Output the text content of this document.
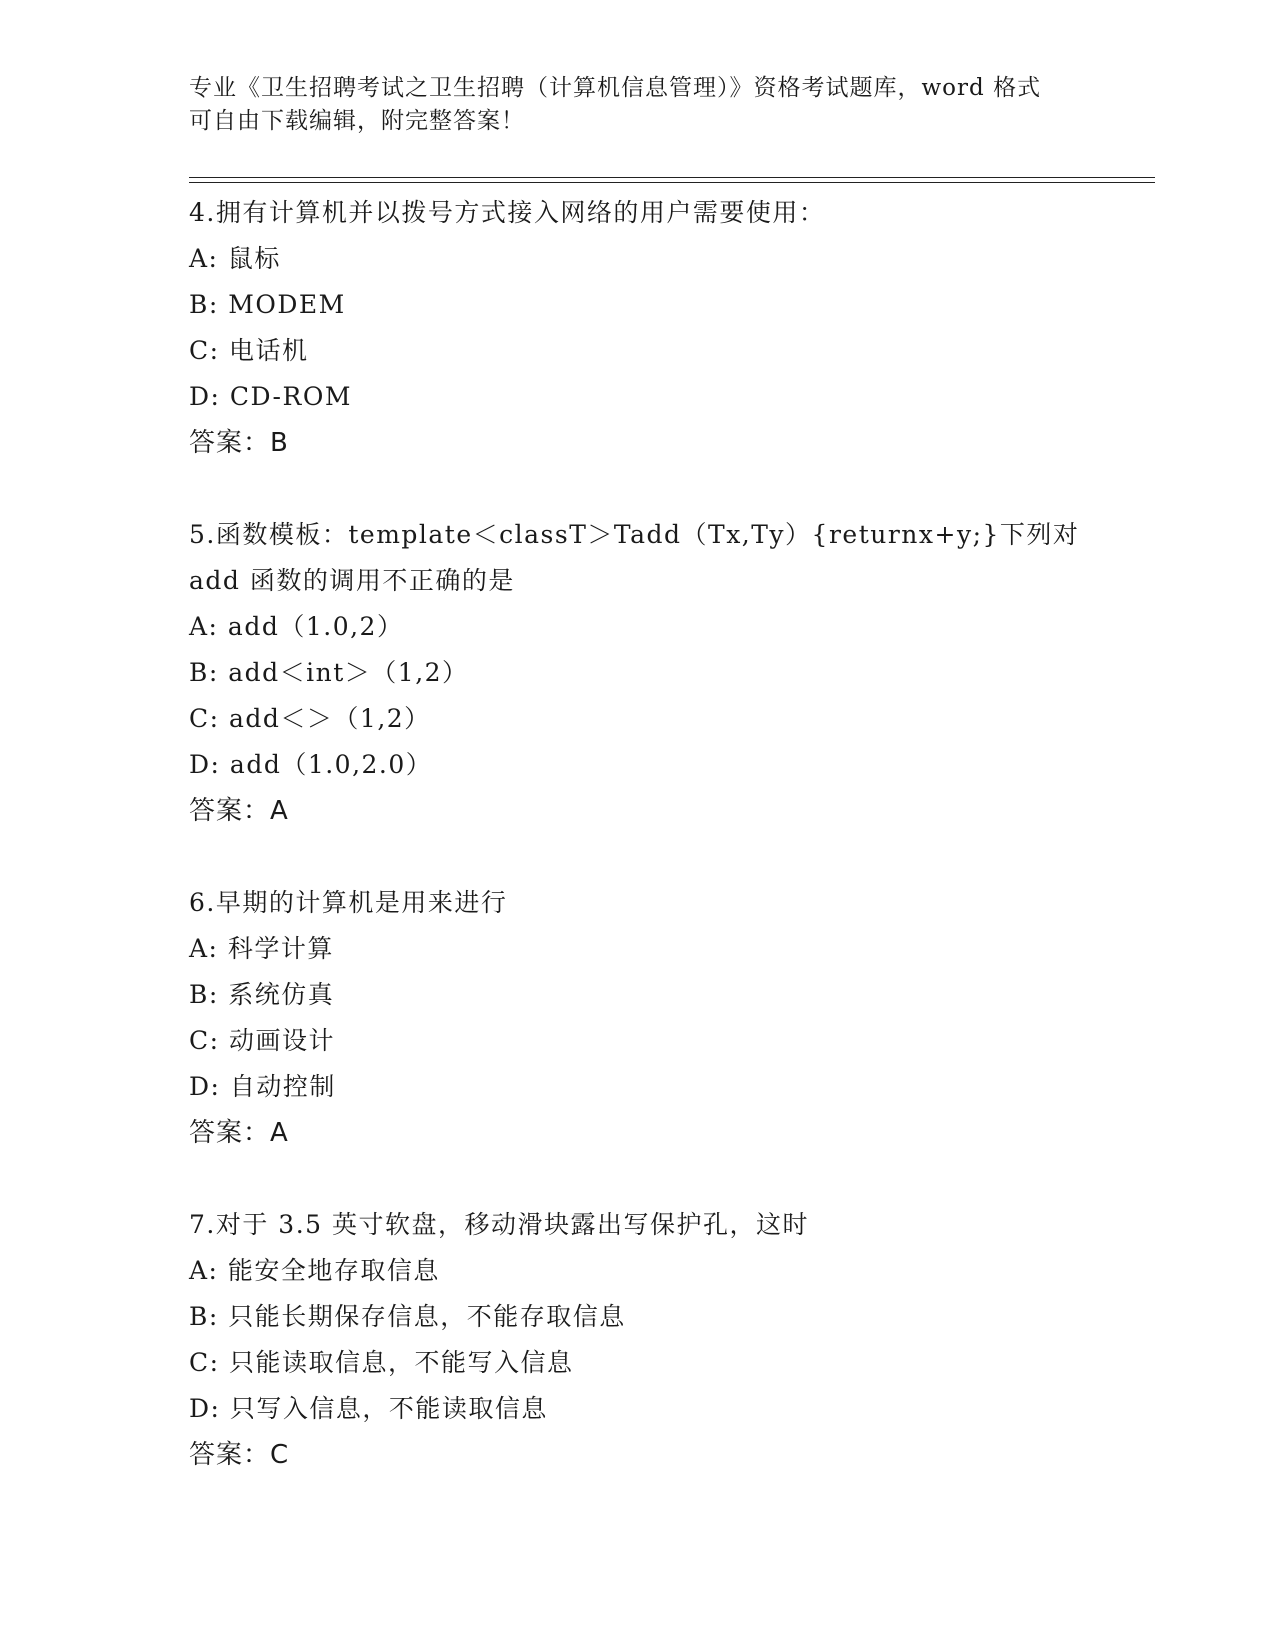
专业《卫生招聘考试之卫生招聘（计算机信息管理）》资格考试题库，word 格式
可自由下载编辑，附完整答案！
4.拥有计算机并以拨号方式接入网络的用户需要使用：
A: 鼠标
B: MODEM
C: 电话机
D: CD-ROM
答案：B
5.函数模板：template＜classT＞Tadd（Tx,Ty）{returnx+y;}下列对
add 函数的调用不正确的是
A: add（1.0,2）
B: add＜int＞（1,2）
C: add＜＞（1,2）
D: add（1.0,2.0）
答案：A
6.早期的计算机是用来进行
A: 科学计算
B: 系统仿真
C: 动画设计
D: 自动控制
答案：A
7.对于 3.5 英寸软盘，移动滑块露出写保护孔，这时
A: 能安全地存取信息
B: 只能长期保存信息，不能存取信息
C: 只能读取信息，不能写入信息
D: 只写入信息，不能读取信息
答案：C
